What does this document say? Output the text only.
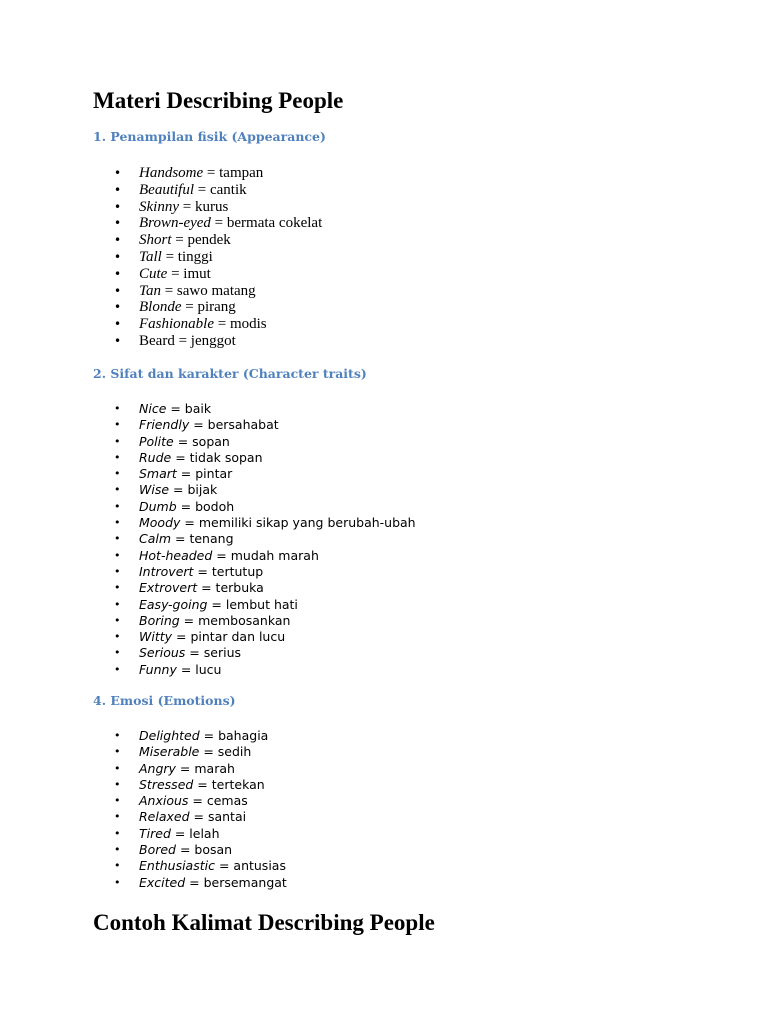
Materi Describing People
1. Penampilan fisik (Appearance)
• Handsome = tampan
• Beautiful = cantik
• Skinny = kurus
• Brown-eyed = bermata cokelat
• Short = pendek
• Tall = tinggi
• Cute = imut
• Tan = sawo matang
• Blonde = pirang
• Fashionable = modis
• Beard = jenggot
2. Sifat dan karakter (Character traits)
• Nice = baik
• Friendly = bersahabat
• Polite = sopan
• Rude = tidak sopan
• Smart = pintar
• Wise = bijak
• Dumb = bodoh
• Moody = memiliki sikap yang berubah-ubah
• Calm = tenang
• Hot-headed = mudah marah
• Introvert = tertutup
• Extrovert = terbuka
• Easy-going = lembut hati
• Boring = membosankan
• Witty = pintar dan lucu
• Serious = serius
• Funny = lucu
4. Emosi (Emotions)
• Delighted = bahagia
• Miserable = sedih
• Angry = marah
• Stressed = tertekan
• Anxious = cemas
• Relaxed = santai
• Tired = lelah
• Bored = bosan
• Enthusiastic = antusias
• Excited = bersemangat
Contoh Kalimat Describing People
